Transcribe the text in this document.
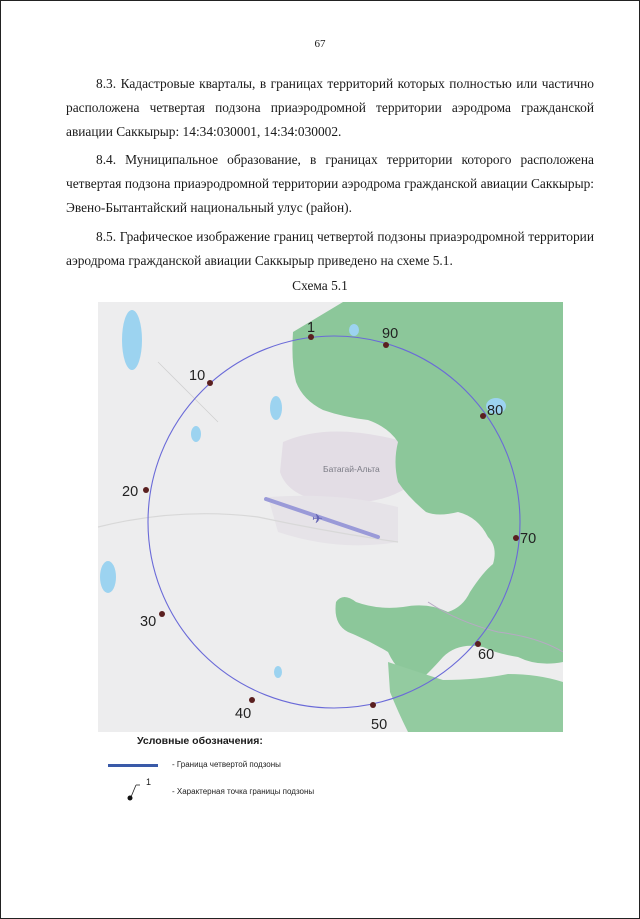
67

8.3. Кадастровые кварталы, в границах территорий которых полностью или частично расположена четвертая подзона приаэродромной территории аэродрома гражданской авиации Саккырыр: 14:34:030001, 14:34:030002.

8.4. Муниципальное образование, в границах территории которого расположена четвертая подзона приаэродромной территории аэродрома гражданской авиации Саккырыр: Эвено-Бытантайский национальный улус (район).

8.5. Графическое изображение границ четвертой подзоны приаэродромной территории аэродрома гражданской авиации Саккырыр приведено на схеме 5.1.

Схема 5.1
✈
Батагай-Альта
1	90
80
70
60
50
40
30
20
10
Условные обозначения:
- Граница четвертой подзоны
1
- Характерная точка границы подзоны
